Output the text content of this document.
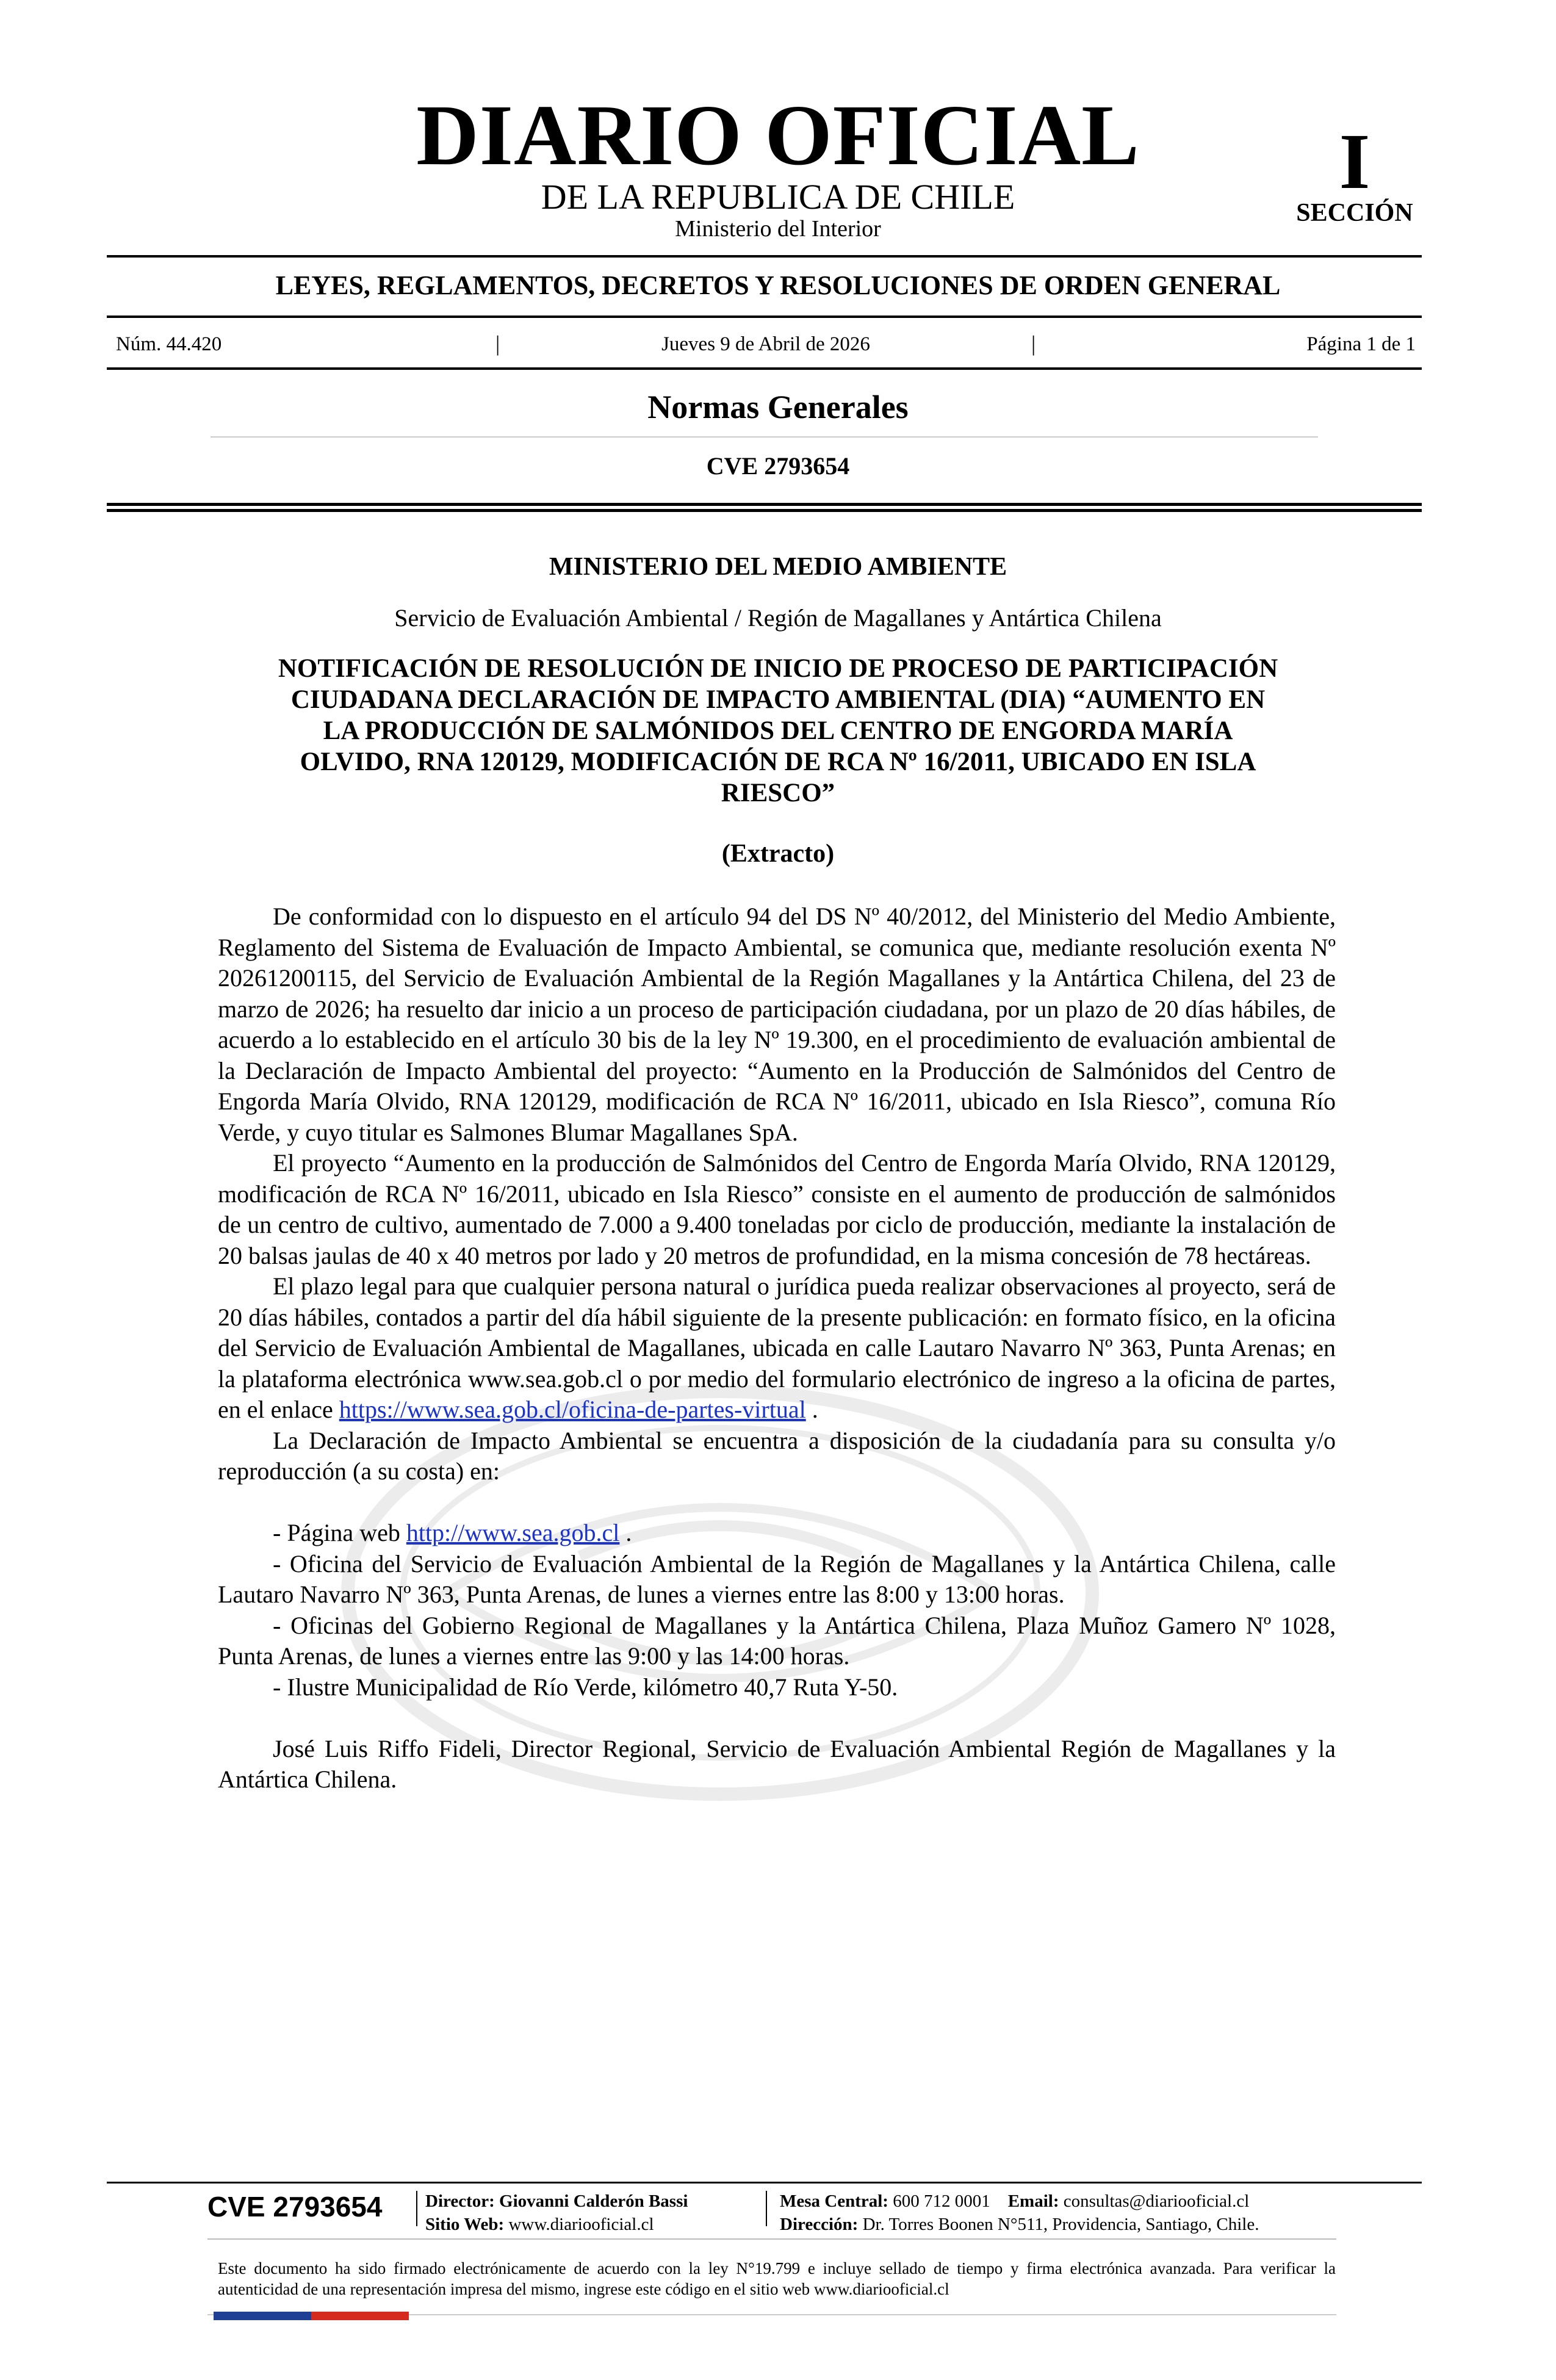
DIARIO OFICIAL
DE LA REPUBLICA DE CHILE
Ministerio del Interior
I
SECCIÓN
LEYES, REGLAMENTOS, DECRETOS Y RESOLUCIONES DE ORDEN GENERAL
Núm. 44.420	|	Jueves 9 de Abril de 2026	|	Página 1 de 1
Normas Generales
CVE 2793654
MINISTERIO DEL MEDIO AMBIENTE
Servicio de Evaluación Ambiental / Región de Magallanes y Antártica Chilena
NOTIFICACIÓN DE RESOLUCIÓN DE INICIO DE PROCESO DE PARTICIPACIÓN
CIUDADANA DECLARACIÓN DE IMPACTO AMBIENTAL (DIA) “AUMENTO EN
LA PRODUCCIÓN DE SALMÓNIDOS DEL CENTRO DE ENGORDA MARÍA
OLVIDO, RNA 120129, MODIFICACIÓN DE RCA Nº 16/2011, UBICADO EN ISLA
RIESCO”
(Extracto)

De conformidad con lo dispuesto en el artículo 94 del DS Nº 40/2012, del Ministerio del Medio Ambiente, Reglamento del Sistema de Evaluación de Impacto Ambiental, se comunica que, mediante resolución exenta Nº 20261200115, del Servicio de Evaluación Ambiental de la Región Magallanes y la Antártica Chilena, del 23 de marzo de 2026; ha resuelto dar inicio a un proceso de participación ciudadana, por un plazo de 20 días hábiles, de acuerdo a lo establecido en el artículo 30 bis de la ley Nº 19.300, en el procedimiento de evaluación ambiental de la Declaración de Impacto Ambiental del proyecto: “Aumento en la Producción de Salmónidos del Centro de Engorda María Olvido, RNA 120129, modificación de RCA Nº 16/2011, ubicado en Isla Riesco”, comuna Río Verde, y cuyo titular es Salmones Blumar Magallanes SpA.

El proyecto “Aumento en la producción de Salmónidos del Centro de Engorda María Olvido, RNA 120129, modificación de RCA Nº 16/2011, ubicado en Isla Riesco” consiste en el aumento de producción de salmónidos de un centro de cultivo, aumentado de 7.000 a 9.400 toneladas por ciclo de producción, mediante la instalación de 20 balsas jaulas de 40 x 40 metros por lado y 20 metros de profundidad, en la misma concesión de 78 hectáreas.

El plazo legal para que cualquier persona natural o jurídica pueda realizar observaciones al proyecto, será de 20 días hábiles, contados a partir del día hábil siguiente de la presente publicación: en formato físico, en la oficina del Servicio de Evaluación Ambiental de Magallanes, ubicada en calle Lautaro Navarro Nº 363, Punta Arenas; en la plataforma electrónica www.sea.gob.cl o por medio del formulario electrónico de ingreso a la oficina de partes, en el enlace https://www.sea.gob.cl/oficina-de-partes-virtual .

La Declaración de Impacto Ambiental se encuentra a disposición de la ciudadanía para su consulta y/o reproducción (a su costa) en:

- Página web http://www.sea.gob.cl .

- Oficina del Servicio de Evaluación Ambiental de la Región de Magallanes y la Antártica Chilena, calle Lautaro Navarro Nº 363, Punta Arenas, de lunes a viernes entre las 8:00 y 13:00 horas.

- Oficinas del Gobierno Regional de Magallanes y la Antártica Chilena, Plaza Muñoz Gamero Nº 1028, Punta Arenas, de lunes a viernes entre las 9:00 y las 14:00 horas.

- Ilustre Municipalidad de Río Verde, kilómetro 40,7 Ruta Y-50.

José Luis Riffo Fideli, Director Regional, Servicio de Evaluación Ambiental Región de Magallanes y la Antártica Chilena.

CVE 2793654 Director: Giovanni Calderón Bassi
Sitio Web: www.diariooficial.cl
Mesa Central: 600 712 0001 Email: consultas@diariooficial.cl
Dirección: Dr. Torres Boonen N°511, Providencia, Santiago, Chile.
Este documento ha sido firmado electrónicamente de acuerdo con la ley N°19.799 e incluye sellado de tiempo y firma electrónica avanzada. Para verificar la autenticidad de una representación impresa del mismo, ingrese este código en el sitio web www.diariooficial.cl
